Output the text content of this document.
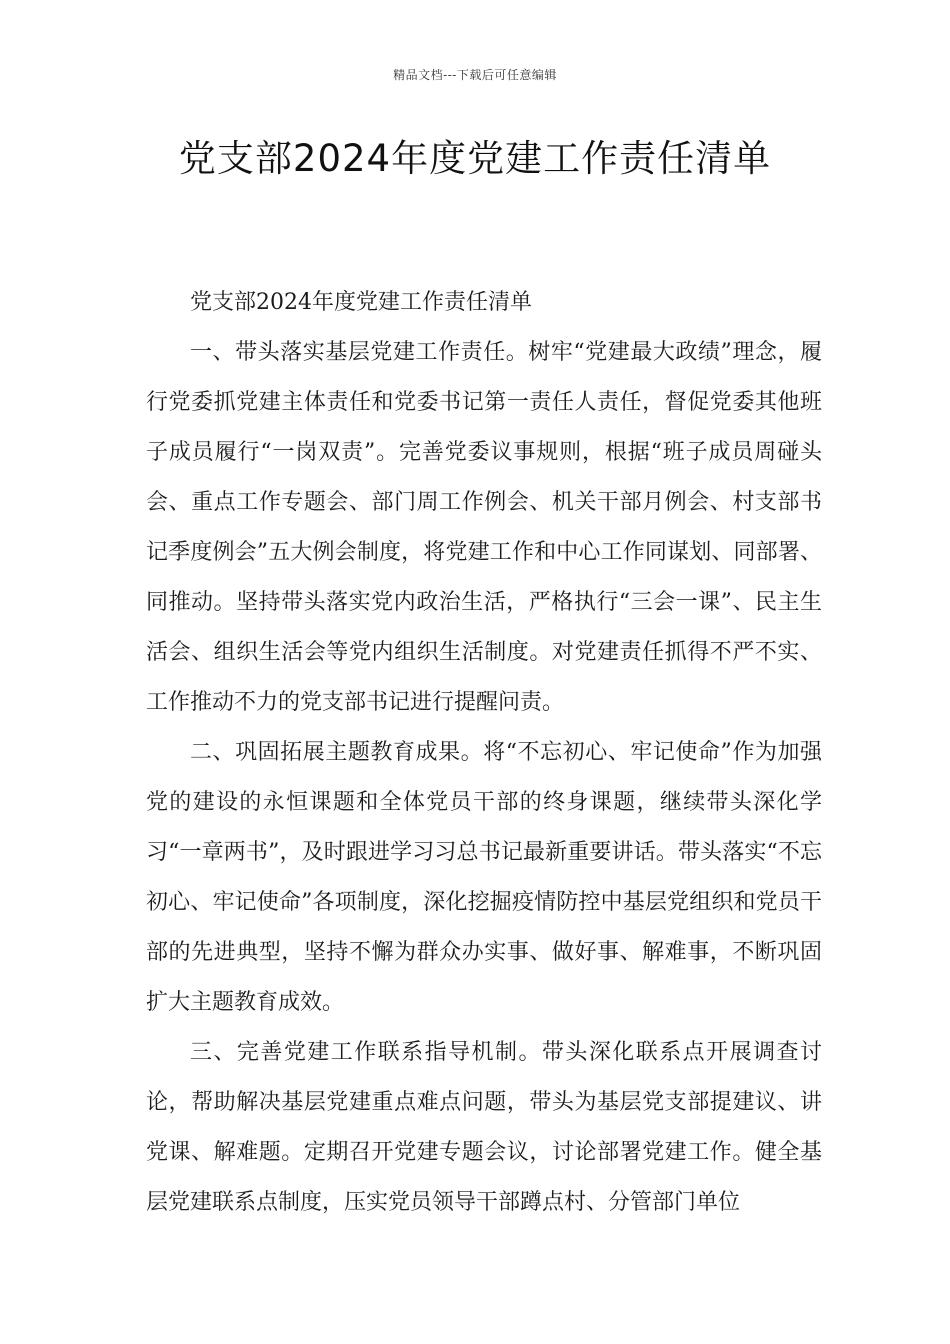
精品文档---下载后可任意编辑
党支部2024年度党建工作责任清单

党支部2024年度党建工作责任清单

一、带头落实基层党建工作责任。树牢“党建最大政绩”理念，履行党委抓党建主体责任和党委书记第一责任人责任，督促党委其他班子成员履行“一岗双责”。完善党委议事规则，根据“班子成员周碰头会、重点工作专题会、部门周工作例会、机关干部月例会、村支部书记季度例会”五大例会制度，将党建工作和中心工作同谋划、同部署、同推动。坚持带头落实党内政治生活，严格执行“三会一课”、民主生活会、组织生活会等党内组织生活制度。对党建责任抓得不严不实、工作推动不力的党支部书记进行提醒问责。

二、巩固拓展主题教育成果。将“不忘初心、牢记使命”作为加强党的建设的永恒课题和全体党员干部的终身课题，继续带头深化学习“一章两书”，及时跟进学习习总书记最新重要讲话。带头落实“不忘初心、牢记使命”各项制度，深化挖掘疫情防控中基层党组织和党员干部的先进典型，坚持不懈为群众办实事、做好事、解难事，不断巩固扩大主题教育成效。

三、完善党建工作联系指导机制。带头深化联系点开展调查讨论，帮助解决基层党建重点难点问题，带头为基层党支部提建议、讲党课、解难题。定期召开党建专题会议，讨论部署党建工作。健全基层党建联系点制度，压实党员领导干部蹲点村、分管部门单位
